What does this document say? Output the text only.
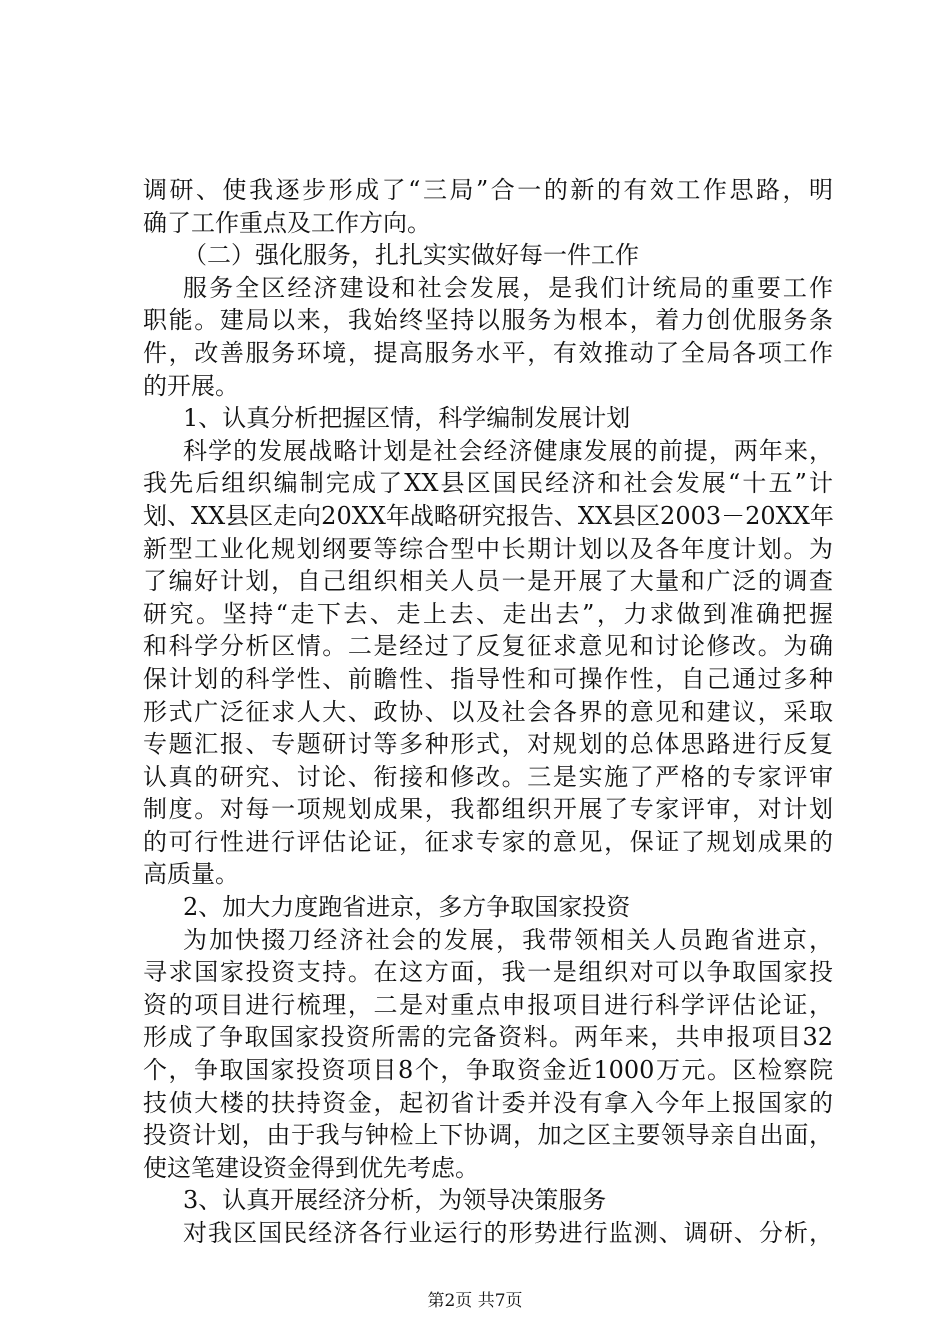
调研、使我逐步形成了“三局”合一的新的有效工作思路，明
确了工作重点及工作方向。
（二）强化服务，扎扎实实做好每一件工作
服务全区经济建设和社会发展，是我们计统局的重要工作
职能。建局以来，我始终坚持以服务为根本，着力创优服务条
件，改善服务环境，提高服务水平，有效推动了全局各项工作
的开展。
1、认真分析把握区情，科学编制发展计划
科学的发展战略计划是社会经济健康发展的前提，两年来，
我先后组织编制完成了XX县区国民经济和社会发展“十五”计
划、XX县区走向20XX年战略研究报告、XX县区2003－20XX年
新型工业化规划纲要等综合型中长期计划以及各年度计划。为
了编好计划，自己组织相关人员一是开展了大量和广泛的调查
研究。坚持“走下去、走上去、走出去”，力求做到准确把握
和科学分析区情。二是经过了反复征求意见和讨论修改。为确
保计划的科学性、前瞻性、指导性和可操作性，自己通过多种
形式广泛征求人大、政协、以及社会各界的意见和建议，采取
专题汇报、专题研讨等多种形式，对规划的总体思路进行反复
认真的研究、讨论、衔接和修改。三是实施了严格的专家评审
制度。对每一项规划成果，我都组织开展了专家评审，对计划
的可行性进行评估论证，征求专家的意见，保证了规划成果的
高质量。
2、加大力度跑省进京，多方争取国家投资
为加快掇刀经济社会的发展，我带领相关人员跑省进京，
寻求国家投资支持。在这方面，我一是组织对可以争取国家投
资的项目进行梳理，二是对重点申报项目进行科学评估论证，
形成了争取国家投资所需的完备资料。两年来，共申报项目32
个，争取国家投资项目8个，争取资金近1000万元。区检察院
技侦大楼的扶持资金，起初省计委并没有拿入今年上报国家的
投资计划，由于我与钟检上下协调，加之区主要领导亲自出面，
使这笔建设资金得到优先考虑。
3、认真开展经济分析，为领导决策服务
对我区国民经济各行业运行的形势进行监测、调研、分析，
第2页 共7页
